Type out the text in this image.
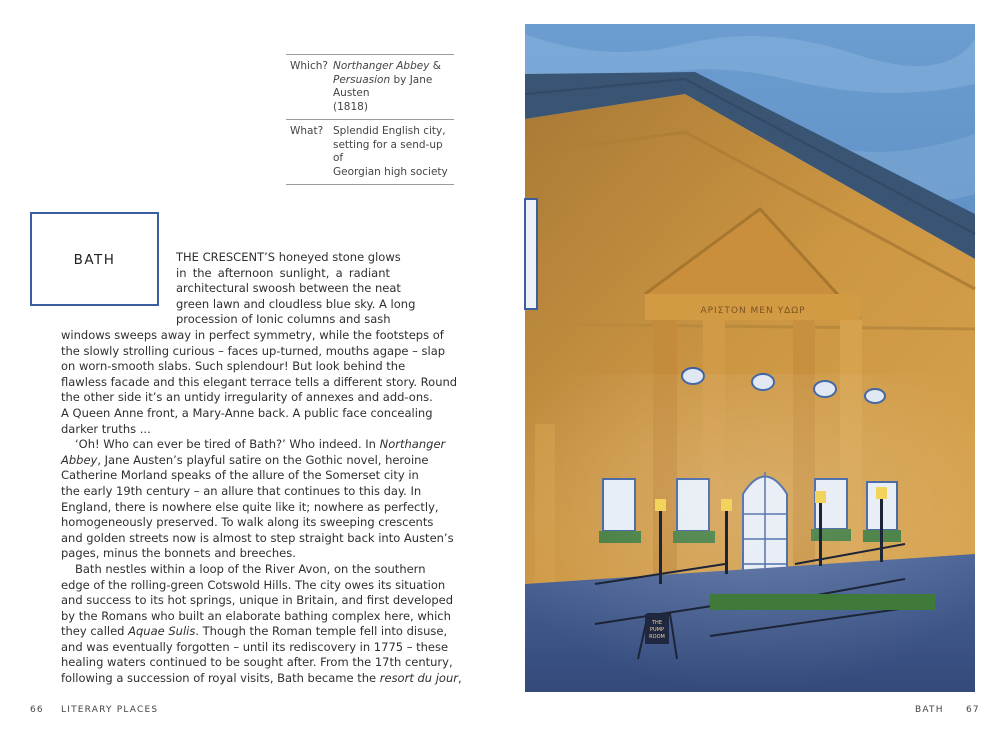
Which? Northanger Abbey &
Persuasion by Jane Austen
(1818)
What? Splendid English city,
setting for a send-up of
Georgian high society
BATH	THE CRESCENT’S honeyed stone glows
in the afternoon sunlight, a radiant
architectural swoosh between the neat
green lawn and cloudless blue sky. A long
procession of Ionic columns and sash
windows sweeps away in perfect symmetry, while the footsteps of
the slowly strolling curious – faces up-turned, mouths agape – slap
on worn-smooth slabs. Such splendour! But look behind the
flawless facade and this elegant terrace tells a different story. Round
the other side it’s an untidy irregularity of annexes and add-ons.
A Queen Anne front, a Mary-Anne back. A public face concealing
darker truths ...
‘Oh! Who can ever be tired of Bath?’ Who indeed. In Northanger
Abbey, Jane Austen’s playful satire on the Gothic novel, heroine
Catherine Morland speaks of the allure of the Somerset city in
the early 19th century – an allure that continues to this day. In
England, there is nowhere else quite like it; nowhere as perfectly,
homogeneously preserved. To walk along its sweeping crescents
and golden streets now is almost to step straight back into Austen’s
pages, minus the bonnets and breeches.
Bath nestles within a loop of the River Avon, on the southern
edge of the rolling-green Cotswold Hills. The city owes its situation
and success to its hot springs, unique in Britain, and first developed
by the Romans who built an elaborate bathing complex here, which
they called Aquae Sulis. Though the Roman temple fell into disuse,
and was eventually forgotten – until its rediscovery in 1775 – these
healing waters continued to be sought after. From the 17th century,
following a succession of royal visits, Bath became the resort du jour,
66 LITERARY PLACES	BATH 67
ΑΡΙΣΤΟΝ ΜΕΝ ΥΔΩΡ
THE
PUMP
ROOM
